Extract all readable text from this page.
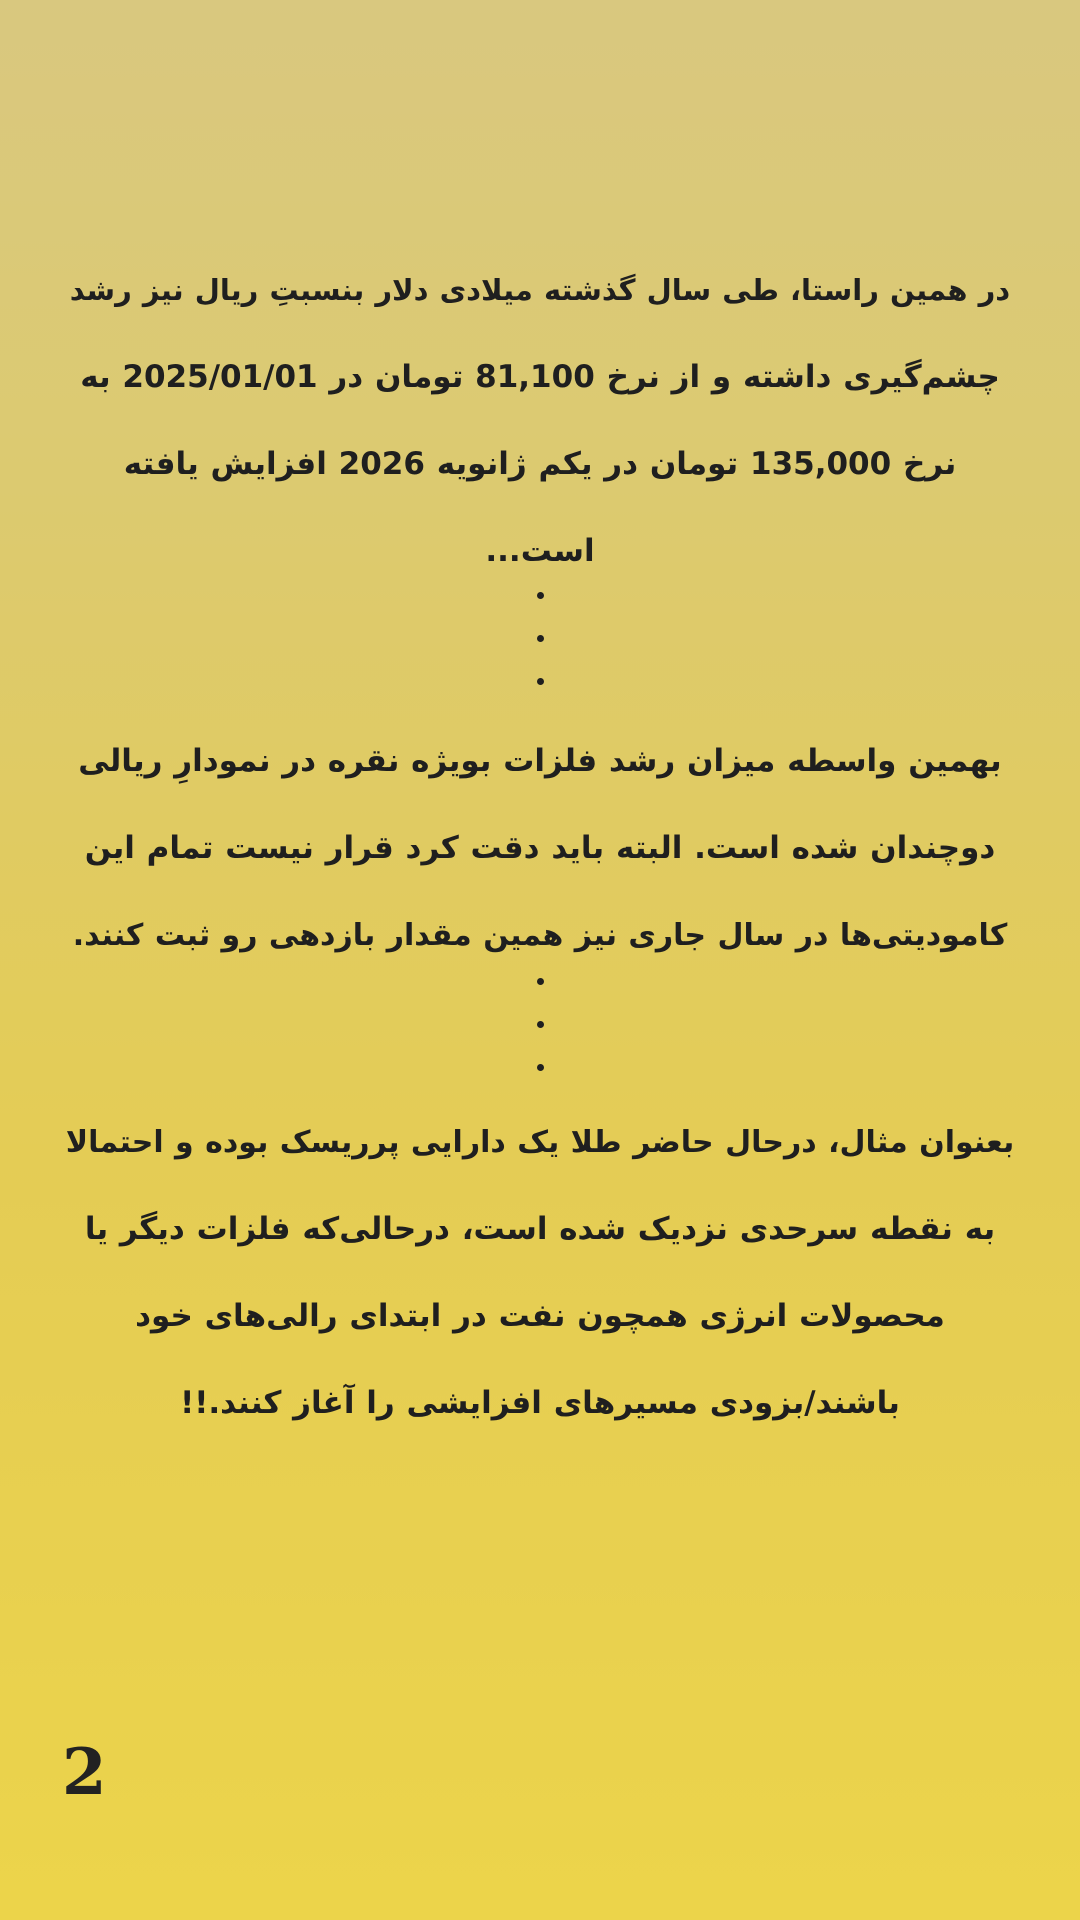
در همین راستا، طی سال گذشته میلادی دلار بنسبتِ ریال نیز رشد
چشم‌گیری داشته و از نرخ 81,100 تومان در 2025/01/01 به
نرخ 135,000 تومان در یکم ژانویه 2026 افزایش یافته
است...
بهمین واسطه میزان رشد فلزات بویژه نقره در نمودارِ ریالی
دوچندان شده است. البته باید دقت کرد قرار نیست تمام این
کامودیتی‌ها در سال جاری نیز همین مقدار بازدهی رو ثبت کنند.
بعنوان مثال، درحال حاضر طلا یک دارایی پرریسک بوده و احتمالا
به نقطه سرحدی نزدیک شده است، درحالی‌که فلزات دیگر یا
محصولات انرژی همچون نفت در ابتدای رالی‌های خود
باشند/بزودی مسیرهای افزایشی را آغاز کنند.!!
2
